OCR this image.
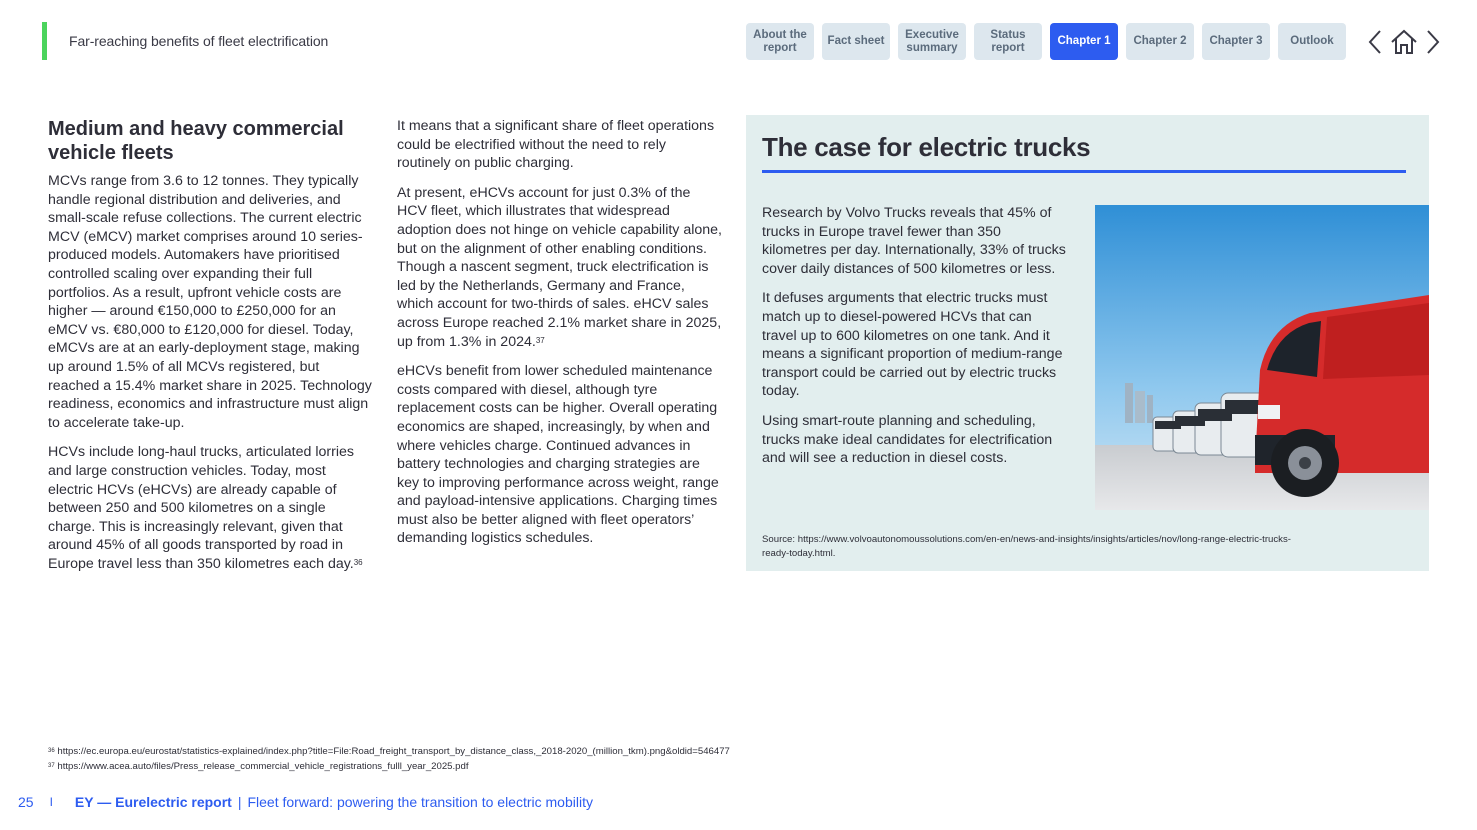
Far-reaching benefits of fleet electrification	About the report
Fact sheet
Executive summary
Status report
Chapter 1	Chapter 2	Chapter 3	Outlook
Medium and heavy commercial vehicle fleets

MCVs range from 3.6 to 12 tonnes. They typically handle regional distribution and deliveries, and small-scale refuse collections. The current electric MCV (eMCV) market comprises around 10 series-produced models. Automakers have prioritised controlled scaling over expanding their full portfolios. As a result, upfront vehicle costs are higher — around €150,000 to £250,000 for an eMCV vs. €80,000 to £120,000 for diesel. Today, eMCVs are at an early-deployment stage, making up around 1.5% of all MCVs registered, but reached a 15.4% market share in 2025. Technology readiness, economics and infrastructure must align to accelerate take-up.

HCVs include long-haul trucks, articulated lorries and large construction vehicles. Today, most electric HCVs (eHCVs) are already capable of between 250 and 500 kilometres on a single charge. This is increasingly relevant, given that around 45% of all goods transported by road in Europe travel less than 350 kilometres each day.$^{36}$

It means that a significant share of fleet operations could be electrified without the need to rely routinely on public charging.

At present, eHCVs account for just 0.3% of the HCV fleet, which illustrates that widespread adoption does not hinge on vehicle capability alone, but on the alignment of other enabling conditions. Though a nascent segment, truck electrification is led by the Netherlands, Germany and France, which account for two-thirds of sales. eHCV sales across Europe reached 2.1% market share in 2025, up from 1.3% in 2024.37

eHCVs benefit from lower scheduled maintenance costs compared with diesel, although tyre replacement costs can be higher. Overall operating economics are shaped, increasingly, by when and where vehicles charge. Continued advances in battery technologies and charging strategies are key to improving performance across weight, range and payload-intensive applications. Charging times must also be better aligned with fleet operators’ demanding logistics schedules.

The case for electric trucks

Research by Volvo Trucks reveals that 45% of trucks in Europe travel fewer than 350 kilometres per day. Internationally, 33% of trucks cover daily distances of 500 kilometres or less.

It defuses arguments that electric trucks must match up to diesel-powered HCVs that can travel up to 600 kilometres on one tank. And it means a significant proportion of medium-range transport could be carried out by electric trucks today.

Using smart-route planning and scheduling, trucks make ideal candidates for electrification and will see a reduction in diesel costs.

Source: https://www.volvoautonomoussolutions.com/en-en/news-and-insights/insights/articles/nov/long-range-electric-trucks-ready-today.html.
$^{36}$ https://ec.europa.eu/eurostat/statistics-explained/index.php?title=File:Road_freight_transport_by_distance_class,_2018-2020_(million_tkm).png&oldid=546477
$^{37}$ https://www.acea.auto/files/Press_release_commercial_vehicle_registrations_fulll_year_2025.pdf
25 I EY — Eurelectric report | Fleet forward: powering the transition to electric mobility
